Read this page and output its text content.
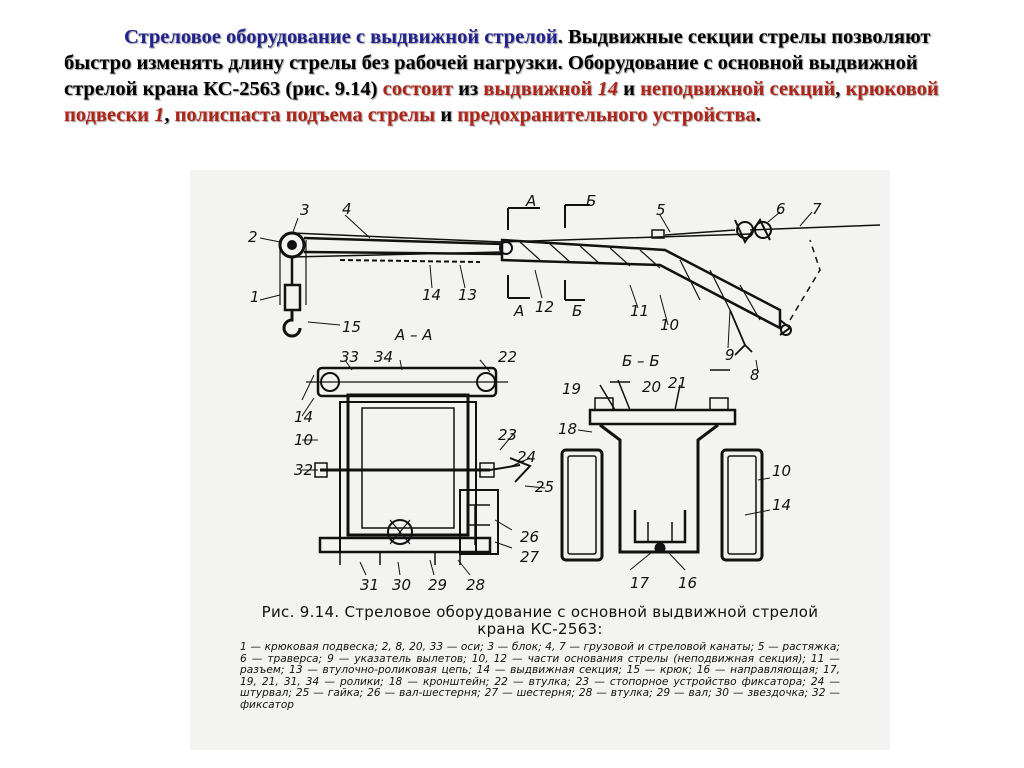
Стреловое оборудование с выдвижной стрелой. Выдвижные секции стрелы позволяют быстро изменять длину стрелы без рабочей нагрузки. Оборудование с основной выдвижной стрелой крана КС-2563 (рис. 9.14) состоит из выдвижной 14 и неподвижной секций, крюковой подвески 1, полиспаста подъема стрелы и предохранительного устройства.
2
3 4
1
15
14 13
12	11
10
9
8
5	6 7
А	Б
А	Б
А – А
33 34	22
14
10
32
23
24
25
26
27
31 30 29 28
Б – Б
19	20 21
18
10
14
17 16
Рис. 9.14. Стреловое оборудование с основной выдвижной стрелой крана КС-2563:
1 — крюковая подвеска; 2, 8, 20, 33 — оси; 3 — блок; 4, 7 — грузовой и стреловой канаты; 5 — растяжка; 6 — траверса; 9 — указатель вылетов; 10, 12 — части основания стрелы (неподвижная секция); 11 — разъем; 13 — втулочно-роликовая цепь; 14 — выдвижная секция; 15 — крюк; 16 — направляющая; 17, 19, 21, 31, 34 — ролики; 18 — кронштейн; 22 — втулка; 23 — стопорное устройство фиксатора; 24 — штурвал; 25 — гайка; 26 — вал-шестерня; 27 — шестерня; 28 — втулка; 29 — вал; 30 — звездочка; 32 — фиксатор
